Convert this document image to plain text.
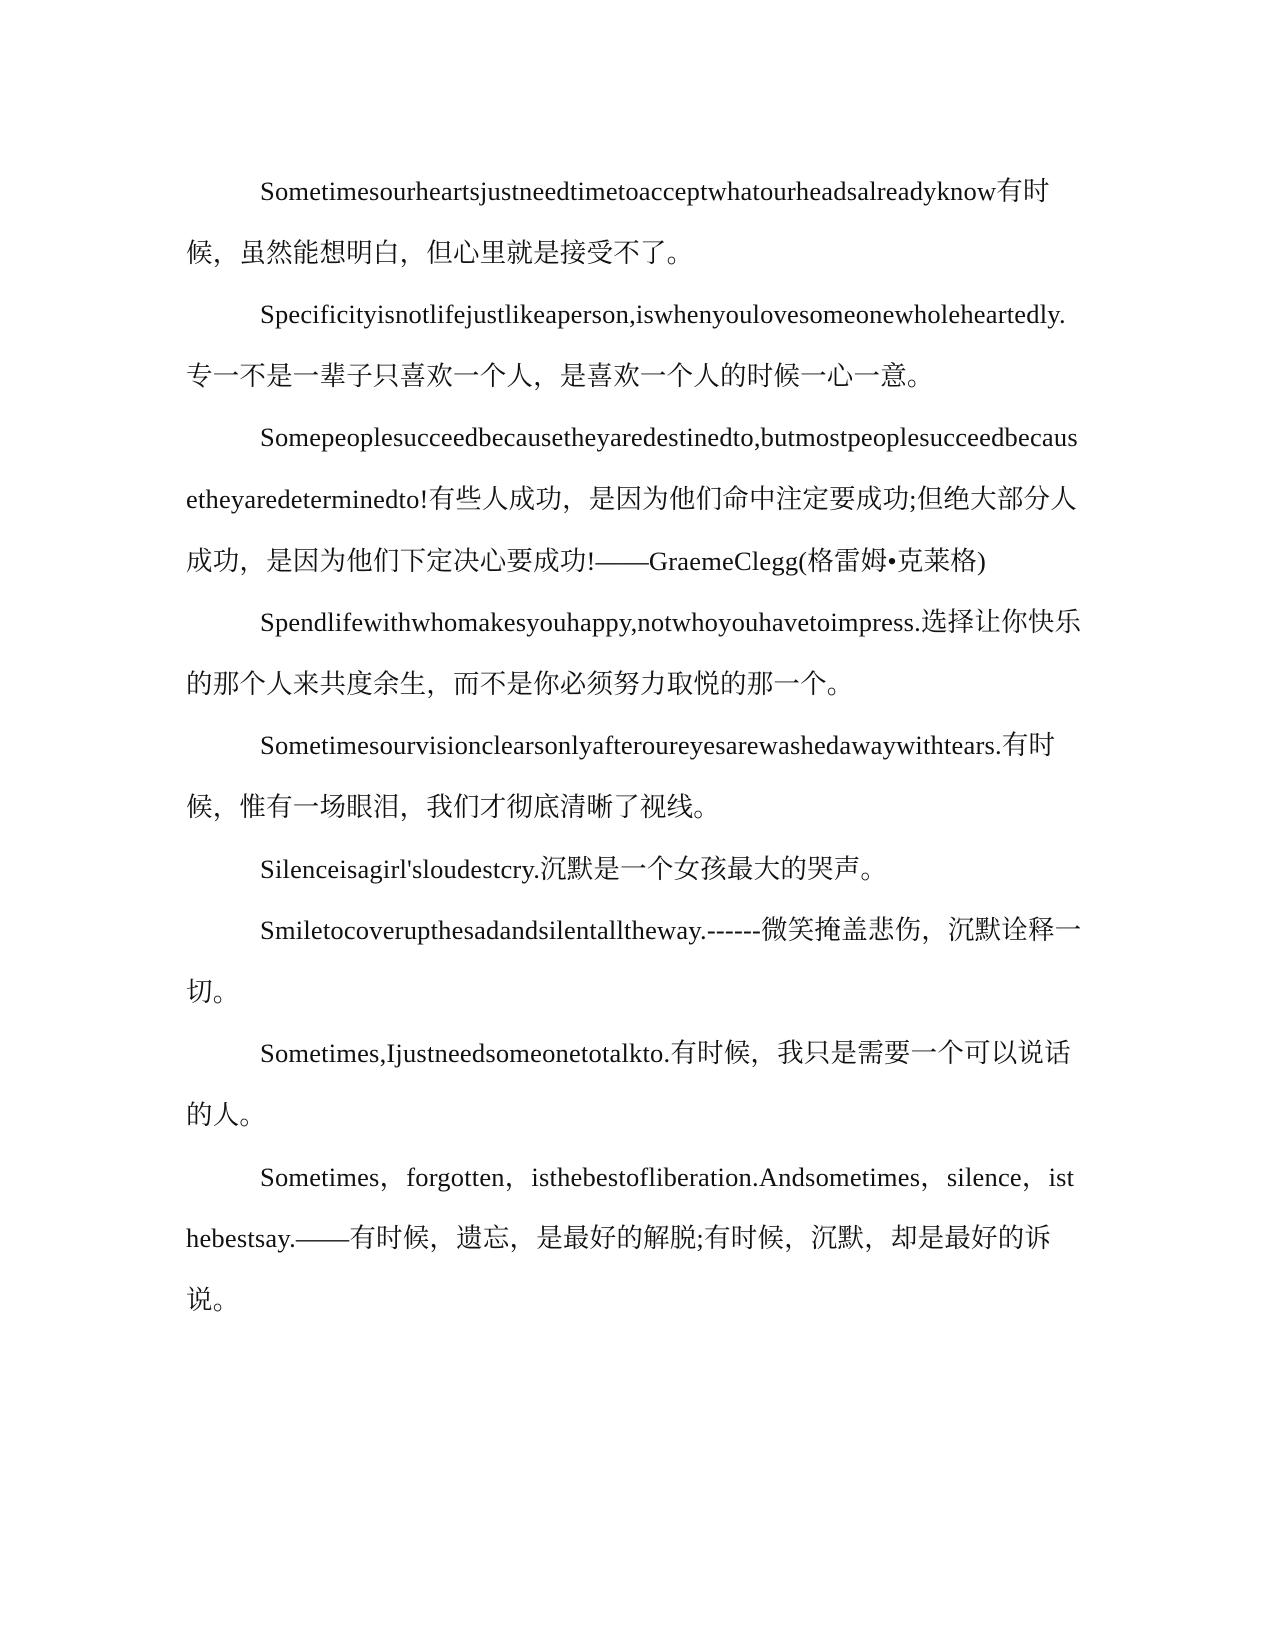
Sometimesourheartsjustneedtimetoacceptwhatourheadsalreadyknow有时候，虽然能想明白，但心里就是接受不了。

Specificityisnotlifejustlikeaperson,iswhenyoulovesomeonewholeheartedly.专一不是一辈子只喜欢一个人，是喜欢一个人的时候一心一意。

Somepeoplesucceedbecausetheyaredestinedto,butmostpeoplesucceedbecausetheyaredeterminedto!有些人成功，是因为他们命中注定要成功;但绝大部分人成功，是因为他们下定决心要成功!——GraemeClegg(格雷姆•克莱格)

Spendlifewithwhomakesyouhappy,notwhoyouhavetoimpress.选择让你快乐的那个人来共度余生，而不是你必须努力取悦的那一个。

Sometimesourvisionclearsonlyafteroureyesarewashedawaywithtears.有时候，惟有一场眼泪，我们才彻底清晰了视线。

Silenceisagirl'sloudestcry.沉默是一个女孩最大的哭声。

Smiletocoverupthesadandsilentalltheway.------微笑掩盖悲伤，沉默诠释一切。

Sometimes,Ijustneedsomeonetotalkto.有时候，我只是需要一个可以说话的人。

Sometimes，forgotten，isthebestofliberation.Andsometimes，silence，isthebestsay.——有时候，遗忘，是最好的解脱;有时候，沉默，却是最好的诉说。
